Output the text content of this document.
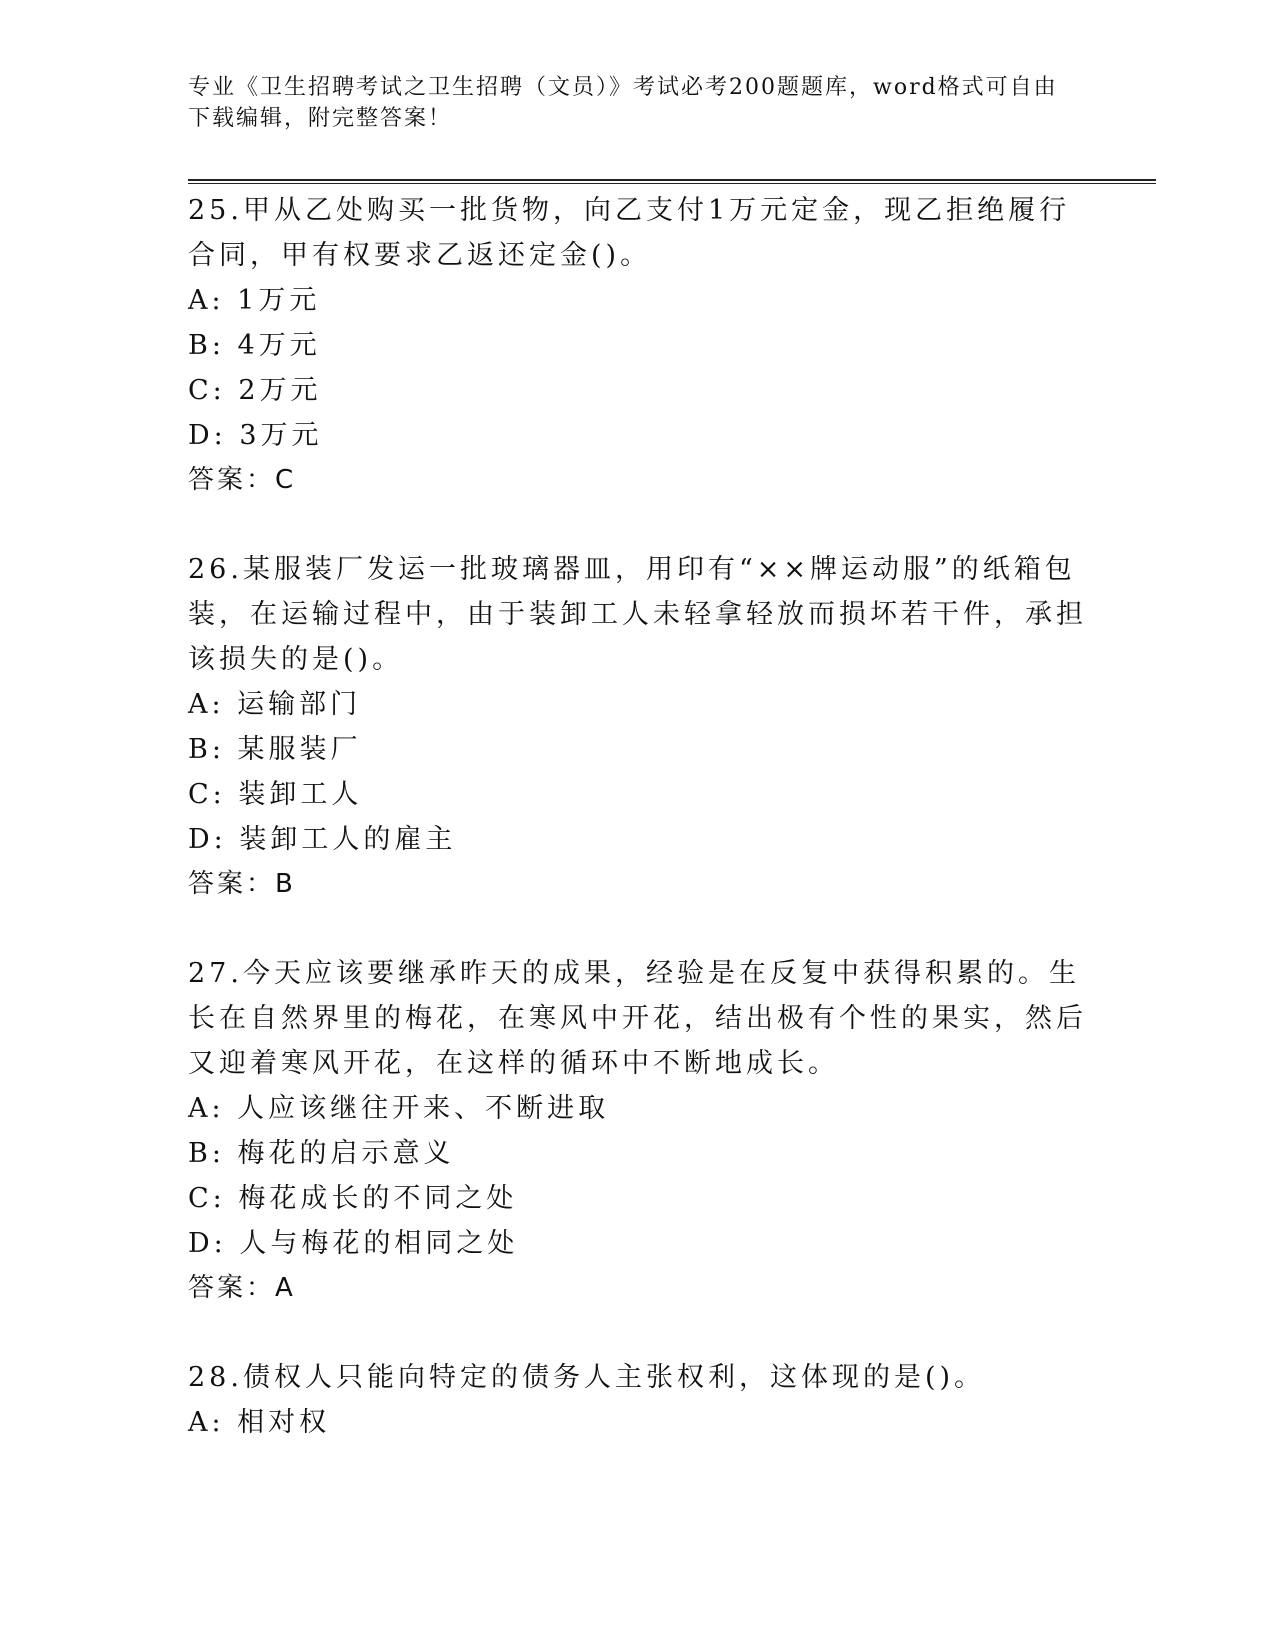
专业《卫生招聘考试之卫生招聘（文员）》考试必考200题题库，word格式可自由下载编辑，附完整答案！

25.甲从乙处购买一批货物，向乙支付1万元定金，现乙拒绝履行合同，甲有权要求乙返还定金()。

A: 1万元

B: 4万元

C: 2万元

D: 3万元

答案：C

26.某服装厂发运一批玻璃器皿，用印有“××牌运动服”的纸箱包装，在运输过程中，由于装卸工人未轻拿轻放而损坏若干件，承担该损失的是()。

A: 运输部门

B: 某服装厂

C: 装卸工人

D: 装卸工人的雇主

答案：B

27.今天应该要继承昨天的成果，经验是在反复中获得积累的。生长在自然界里的梅花，在寒风中开花，结出极有个性的果实，然后又迎着寒风开花，在这样的循环中不断地成长。

A: 人应该继往开来、不断进取

B: 梅花的启示意义

C: 梅花成长的不同之处

D: 人与梅花的相同之处

答案：A

28.债权人只能向特定的债务人主张权利，这体现的是()。

A: 相对权
